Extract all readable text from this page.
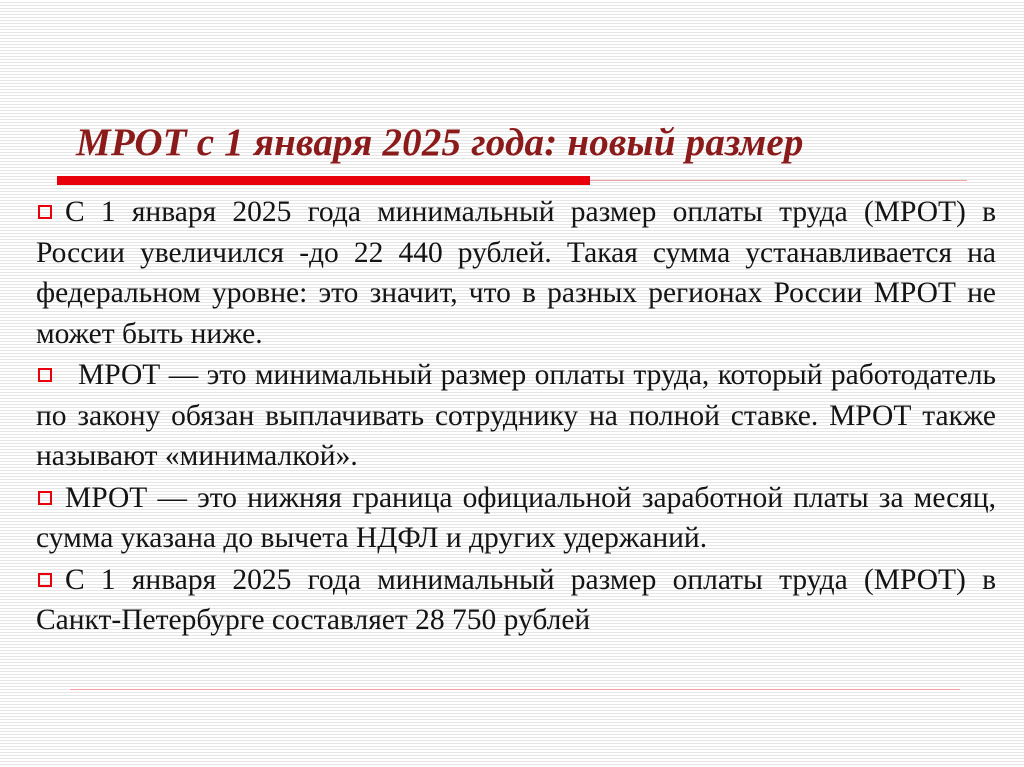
МРОТ с 1 января 2025 года: новый размер
С 1 января 2025 года минимальный размер оплаты труда (МРОТ) в России увеличился -до 22 440 рублей. Такая сумма устанавливается на федеральном уровне: это значит, что в разных регионах России МРОТ не может быть ниже.
МРОТ — это минимальный размер оплаты труда, который работодатель по закону обязан выплачивать сотруднику на полной ставке. МРОТ также называют «минималкой».
МРОТ — это нижняя граница официальной заработной платы за месяц, сумма указана до вычета НДФЛ и других удержаний.
С 1 января 2025 года минимальный размер оплаты труда (МРОТ) в Санкт-Петербурге составляет 28 750 рублей
